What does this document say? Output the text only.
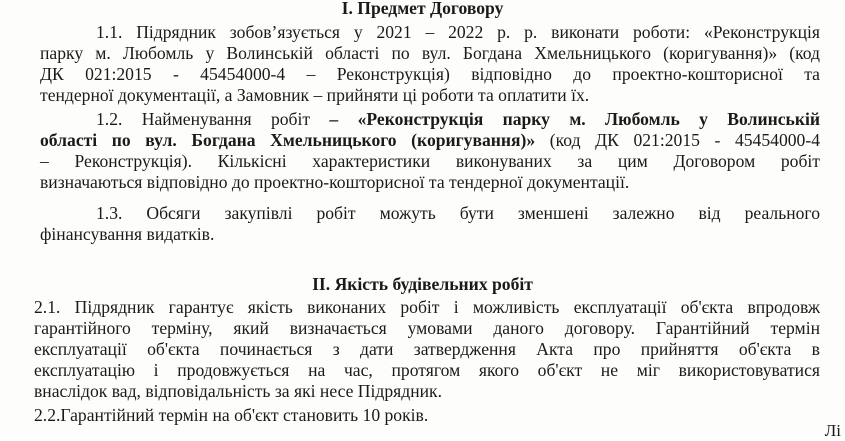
І. Предмет Договору
1.1. Підрядник зобов’язується у 2021 – 2022 р. р. виконати роботи: «Реконструкція
парку м. Любомль у Волинській області по вул. Богдана Хмельницького (коригування)» (код
ДК 021:2015 - 45454000-4 – Реконструкція) відповідно до проектно-кошторисної та
тендерної документації, а Замовник – прийняти ці роботи та оплатити їх.
1.2. Найменування робіт – «Реконструкція парку м. Любомль у Волинській
області по вул. Богдана Хмельницького (коригування)» (код ДК 021:2015 - 45454000-4
– Реконструкція). Кількісні характеристики виконуваних за цим Договором робіт
визначаються відповідно до проектно-кошторисної та тендерної документації.
1.3. Обсяги закупівлі робіт можуть бути зменшені залежно від реального
фінансування видатків.
ІІ. Якість будівельних робіт
2.1. Підрядник гарантує якість виконаних робіт і можливість експлуатації об'єкта впродовж
гарантійного терміну, який визначається умовами даного договору. Гарантійний термін
експлуатації об'єкта починається з дати затвердження Акта про прийняття об'єкта в
експлуатацію і продовжується на час, протягом якого об'єкт не міг використовуватися
внаслідок вад, відповідальність за які несе Підрядник.
2.2.Гарантійний термін на об'єкт становить 10 років.
Лі
